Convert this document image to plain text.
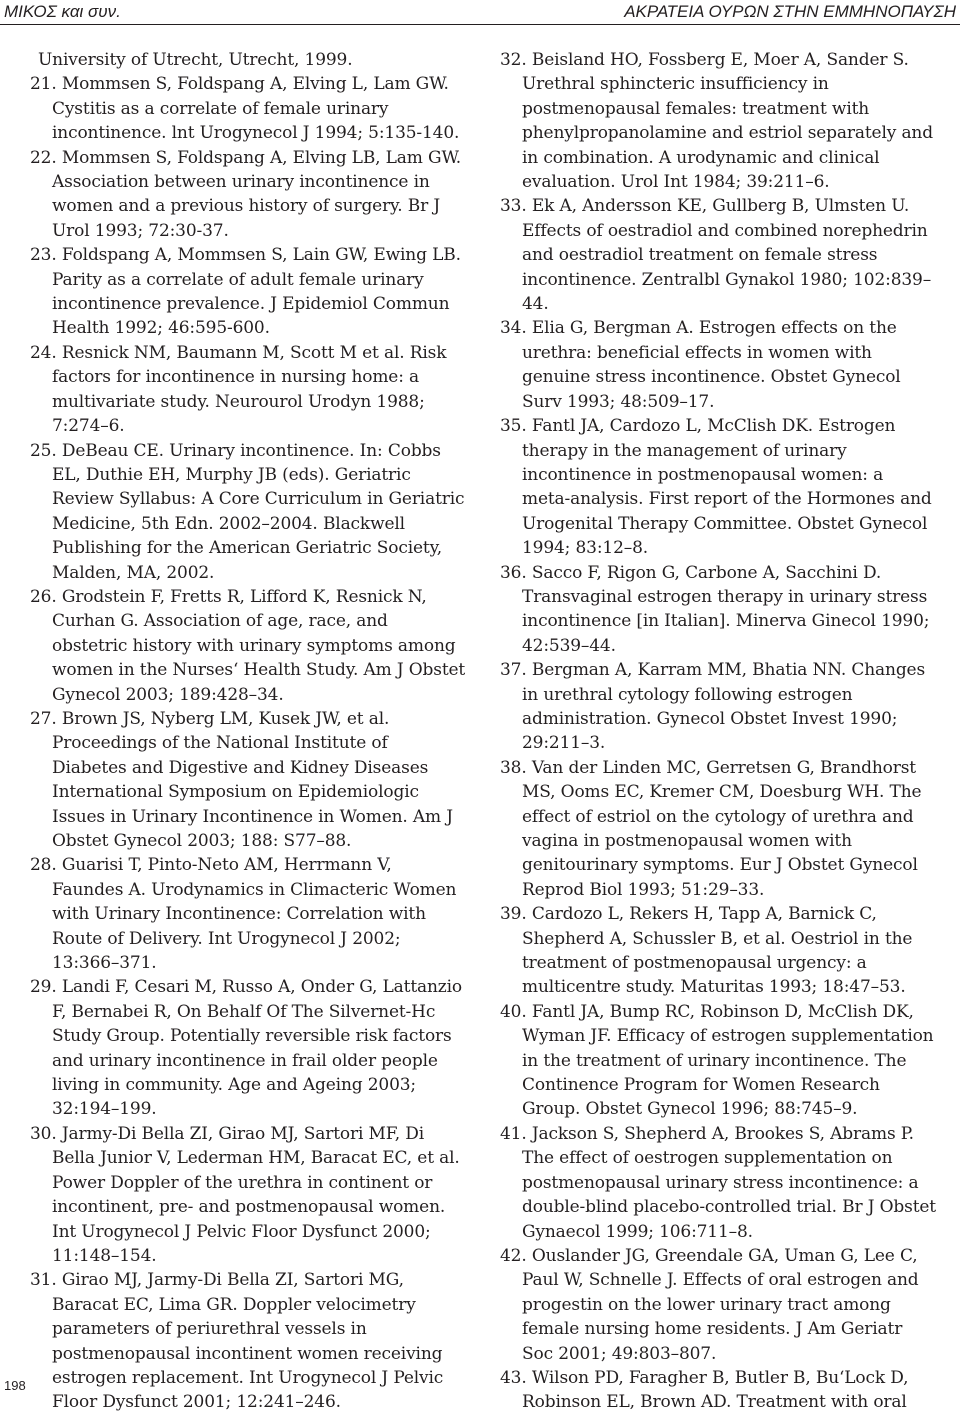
ΜΙΚΟΣ και συν.	ΑΚΡΑΤΕΙΑ ΟΥΡΩΝ ΣΤΗΝ ΕΜΜΗΝΟΠΑΥΣΗ

University of Utrecht, Utrecht, 1999.

21. Mommsen S, Foldspang A, Elving L, Lam GW. Cystitis as a correlate of female urinary incontinence. lnt Urogynecol J 1994; 5:135-140.

22. Mommsen S, Foldspang A, Elving LB, Lam GW. Association between urinary incontinence in women and a previous history of surgery. Br J Urol 1993; 72:30-37.

23. Foldspang A, Mommsen S, Lain GW, Ewing LB. Parity as a correlate of adult female urinary incontinence prevalence. J Epidemiol Commun Health 1992; 46:595-600.

24. Resnick NM, Baumann M, Scott M et al. Risk factors for incontinence in nursing home: a multivariate study. Neurourol Urodyn 1988; 7:274–6.

25. DeBeau CE. Urinary incontinence. In: Cobbs EL, Duthie EH, Murphy JB (eds). Geriatric Review Syllabus: A Core Curriculum in Geriatric Medicine, 5th Edn. 2002–2004. Blackwell Publishing for the American Geriatric Society, Malden, MA, 2002.

26. Grodstein F, Fretts R, Lifford K, Resnick N, Curhan G. Association of age, race, and obstetric history with urinary symptoms among women in the Nurses‘ Health Study. Am J Obstet Gynecol 2003; 189:428–34.

27. Brown JS, Nyberg LM, Kusek JW, et al. Proceedings of the National Institute of Diabetes and Digestive and Kidney Diseases International Symposium on Epidemiologic Issues in Urinary Incontinence in Women. Am J Obstet Gynecol 2003; 188: S77–88.

28. Guarisi T, Pinto-Neto AM, Herrmann V, Faundes A. Urodynamics in Climacteric Women with Urinary Incontinence: Correlation with Route of Delivery. Int Urogynecol J 2002; 13:366–371.

29. Landi F, Cesari M, Russo A, Onder G, Lattanzio F, Bernabei R, On Behalf Of The Silvernet-Hc Study Group. Potentially reversible risk factors and urinary incontinence in frail older people living in community. Age and Ageing 2003; 32:194–199.

30. Jarmy-Di Bella ZI, Girao MJ, Sartori MF, Di Bella Junior V, Lederman HM, Baracat EC, et al. Power Doppler of the urethra in continent or incontinent, pre- and postmenopausal women. Int Urogynecol J Pelvic Floor Dysfunct 2000; 11:148–154.

31. Girao MJ, Jarmy-Di Bella ZI, Sartori MG, Baracat EC, Lima GR. Doppler velocimetry parameters of periurethral vessels in postmenopausal incontinent women receiving estrogen replacement. Int Urogynecol J Pelvic Floor Dysfunct 2001; 12:241–246.

32. Beisland HO, Fossberg E, Moer A, Sander S. Urethral sphincteric insufficiency in postmenopausal females: treatment with phenylpropanolamine and estriol separately and in combination. A urodynamic and clinical evaluation. Urol Int 1984; 39:211–6.

33. Ek A, Andersson KE, Gullberg B, Ulmsten U. Effects of oestradiol and combined norephedrin and oestradiol treatment on female stress incontinence. Zentralbl Gynakol 1980; 102:839–44.

34. Elia G, Bergman A. Estrogen effects on the urethra: beneficial effects in women with genuine stress incontinence. Obstet Gynecol Surv 1993; 48:509–17.

35. Fantl JA, Cardozo L, McClish DK. Estrogen therapy in the management of urinary incontinence in postmenopausal women: a meta-analysis. First report of the Hormones and Urogenital Therapy Committee. Obstet Gynecol 1994; 83:12–8.

36. Sacco F, Rigon G, Carbone A, Sacchini D. Transvaginal estrogen therapy in urinary stress incontinence [in Italian]. Minerva Ginecol 1990; 42:539–44.

37. Bergman A, Karram MM, Bhatia NN. Changes in urethral cytology following estrogen administration. Gynecol Obstet Invest 1990; 29:211–3.

38. Van der Linden MC, Gerretsen G, Brandhorst MS, Ooms EC, Kremer CM, Doesburg WH. The effect of estriol on the cytology of urethra and vagina in postmenopausal women with genitourinary symptoms. Eur J Obstet Gynecol Reprod Biol 1993; 51:29–33.

39. Cardozo L, Rekers H, Tapp A, Barnick C, Shepherd A, Schussler B, et al. Oestriol in the treatment of postmenopausal urgency: a multicentre study. Maturitas 1993; 18:47–53.

40. Fantl JA, Bump RC, Robinson D, McClish DK, Wyman JF. Efficacy of estrogen supplementation in the treatment of urinary incontinence. The Continence Program for Women Research Group. Obstet Gynecol 1996; 88:745–9.

41. Jackson S, Shepherd A, Brookes S, Abrams P. The effect of oestrogen supplementation on postmenopausal urinary stress incontinence: a double-blind placebo-controlled trial. Br J Obstet Gynaecol 1999; 106:711–8.

42. Ouslander JG, Greendale GA, Uman G, Lee C, Paul W, Schnelle J. Effects of oral estrogen and progestin on the lower urinary tract among female nursing home residents. J Am Geriatr Soc 2001; 49:803–807.

43. Wilson PD, Faragher B, Butler B, Bu‘Lock D, Robinson EL, Brown AD. Treatment with oral

198
